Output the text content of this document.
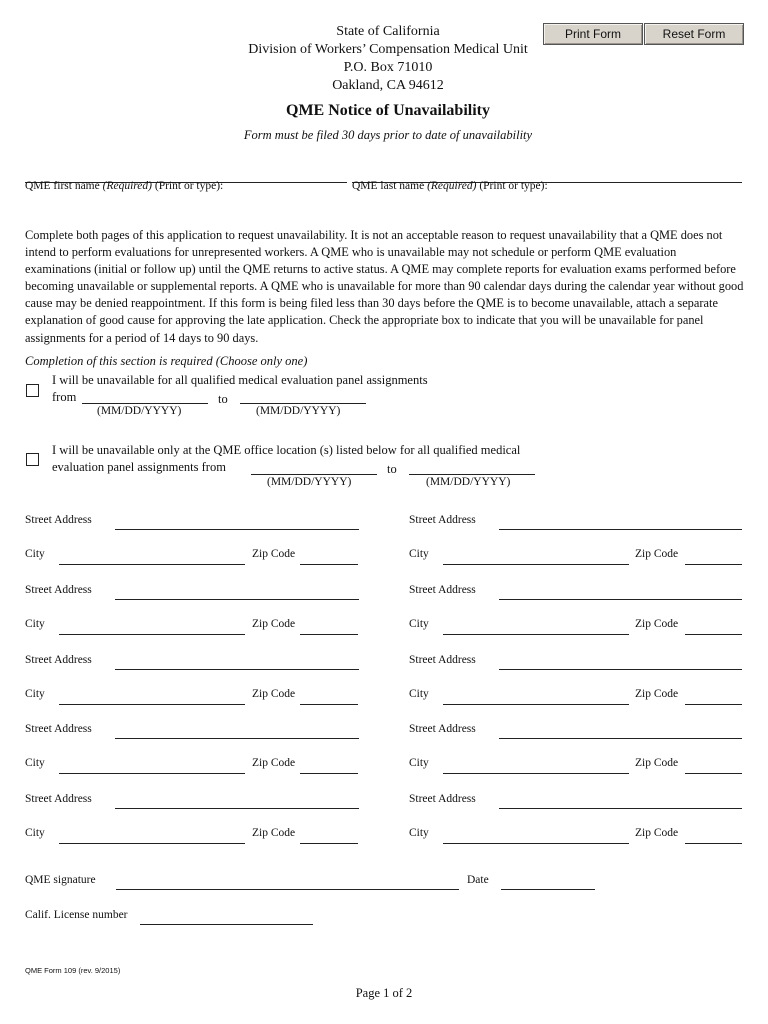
Print Form	Reset Form
State of California
Division of Workers’ Compensation Medical Unit
P.O. Box 71010
Oakland, CA 94612
QME Notice of Unavailability
Form must be filed 30 days prior to date of unavailability
QME first name (Required) (Print or type):	QME last name (Required) (Print or type):
Complete both pages of this application to request unavailability. It is not an acceptable reason to request unavailability that a QME does not intend to perform evaluations for unrepresented workers. A QME who is unavailable may not schedule or perform QME evaluation examinations (initial or follow up) until the QME returns to active status. A QME may complete reports for evaluation exams performed before becoming unavailable or supplemental reports. A QME who is unavailable for more than 90 calendar days during the calendar year without good cause may be denied reappointment. If this form is being filed less than 30 days before the QME is to become unavailable, attach a separate explanation of good cause for approving the late application. Check the appropriate box to indicate that you will be unavailable for panel assignments for a period of 14 days to 90 days.
Completion of this section is required (Choose only one)
I will be unavailable for all qualified medical evaluation panel assignments
from	to
(MM/DD/YYYY)	(MM/DD/YYYY)
I will be unavailable only at the QME office location (s) listed below for all qualified medical
evaluation panel assignments from	to
(MM/DD/YYYY)	(MM/DD/YYYY)
Street Address
City	Zip Code
Street Address
City	Zip Code
Street Address
City	Zip Code
Street Address
City	Zip Code
Street Address
City	Zip Code
Street Address
City	Zip Code
Street Address
City	Zip Code
Street Address
City	Zip Code
Street Address
City	Zip Code
Street Address
City	Zip Code
QME signature	Date
Calif. License number
QME Form 109 (rev. 9/2015)
Page 1 of 2
